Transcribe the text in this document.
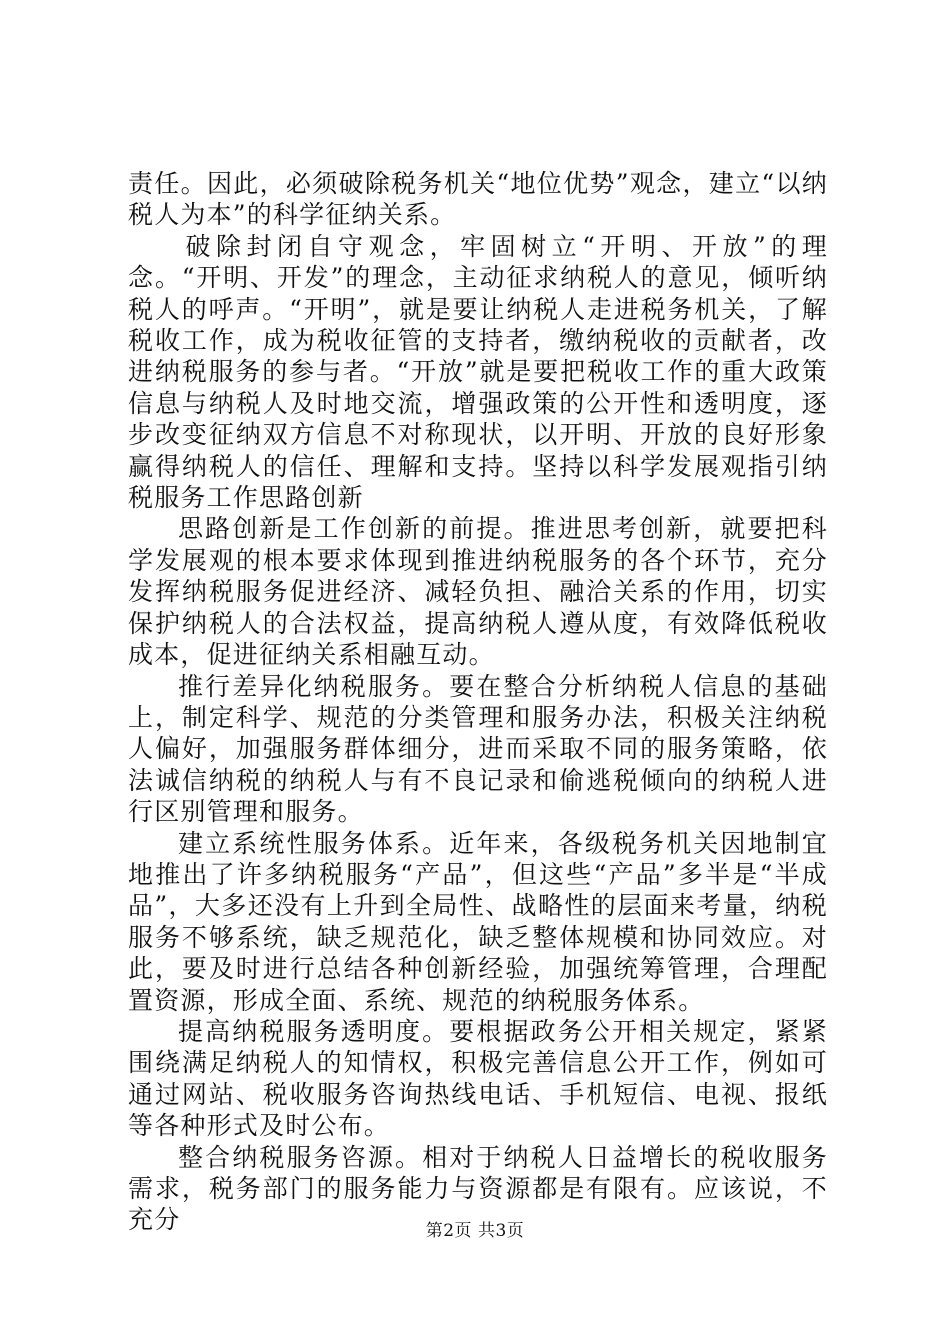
责任。因此，必须破除税务机关“地位优势”观念，建立“以纳税人为本”的科学征纳关系。

破除封闭自守观念，牢固树立“开明、开放”的理念。“开明、开发”的理念，主动征求纳税人的意见，倾听纳税人的呼声。“开明”，就是要让纳税人走进税务机关，了解税收工作，成为税收征管的支持者，缴纳税收的贡献者，改进纳税服务的参与者。“开放”就是要把税收工作的重大政策信息与纳税人及时地交流，增强政策的公开性和透明度，逐步改变征纳双方信息不对称现状，以开明、开放的良好形象赢得纳税人的信任、理解和支持。坚持以科学发展观指引纳税服务工作思路创新

思路创新是工作创新的前提。推进思考创新，就要把科学发展观的根本要求体现到推进纳税服务的各个环节，充分发挥纳税服务促进经济、减轻负担、融洽关系的作用，切实保护纳税人的合法权益，提高纳税人遵从度，有效降低税收成本，促进征纳关系相融互动。

推行差异化纳税服务。要在整合分析纳税人信息的基础上，制定科学、规范的分类管理和服务办法，积极关注纳税人偏好，加强服务群体细分，进而采取不同的服务策略，依法诚信纳税的纳税人与有不良记录和偷逃税倾向的纳税人进行区别管理和服务。

建立系统性服务体系。近年来，各级税务机关因地制宜地推出了许多纳税服务“产品”，但这些“产品”多半是“半成品”，大多还没有上升到全局性、战略性的层面来考量，纳税服务不够系统，缺乏规范化，缺乏整体规模和协同效应。对此，要及时进行总结各种创新经验，加强统筹管理，合理配置资源，形成全面、系统、规范的纳税服务体系。

提高纳税服务透明度。要根据政务公开相关规定，紧紧围绕满足纳税人的知情权，积极完善信息公开工作，例如可通过网站、税收服务咨询热线电话、手机短信、电视、报纸等各种形式及时公布。

整合纳税服务咨源。相对于纳税人日益增长的税收服务需求，税务部门的服务能力与资源都是有限有。应该说，不充分	第2页 共3页
